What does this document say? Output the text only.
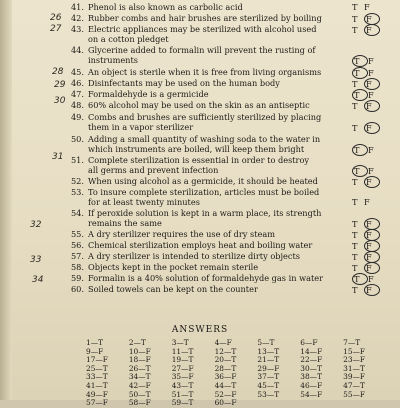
41. Phenol is also known as carbolic acid	T F
42. Rubber combs and hair brushes are sterilized by boiling	T F
43. Electric appliances may be sterilized with alcohol used	T F
on a cotton pledget
44. Glycerine added to formalin will prevent the rusting of
T F
instruments
45. An object is sterile when it is free from living organisms	T F
46. Disinfectants may be used on the human body	T F
47. Formaldehyde is a germicide	T F
48. 60% alcohol may be used on the skin as an antiseptic	T F
49. Combs and brushes are sufficiently sterilized by placing
T F
them in a vapor sterilizer
50. Adding a small quantity of washing soda to the water in
which instruments are boiled, will keep them bright	T F
51. Complete sterilization is essential in order to destroy
all germs and prevent infection	T F
52. When using alcohol as a germicide, it should be heated	T F
53. To insure complete sterilization, articles must be boiled
for at least twenty minutes	T F
54. If peroxide solution is kept in a warm place, its strength
remains the same	T F
55. A dry sterilizer requires the use of dry steam	T F
56. Chemical sterilization employs heat and boiling water	T F
57. A dry sterilizer is intended to sterilize dirty objects	T F
58. Objects kept in the pocket remain sterile	T F
59. Formalin is a 40% solution of formaldehyde gas in water	T F
60. Soiled towels can be kept on the counter	T F
26
27
28
29
30
31
32
33
34
ANSWERS
1—T	2—T	3—T	4—F	5—T	6—F	7—T
9—F	10—F	11—T	12—T	13—T	14—F	15—F
17—F	18—F	19—T	20—T	21—T	22—F	23—F
25—T	26—T	27—F	28—T	29—F	30—T	31—T
33—T	34—T	35—F	36—F	37—T	38—T	39—F
41—T	42—F	43—T	44—T	45—T	46—F	47—T
49—F	50—T	51—T	52—F	53—T	54—F	55—F
57—F	58—F	59—T	60—F
